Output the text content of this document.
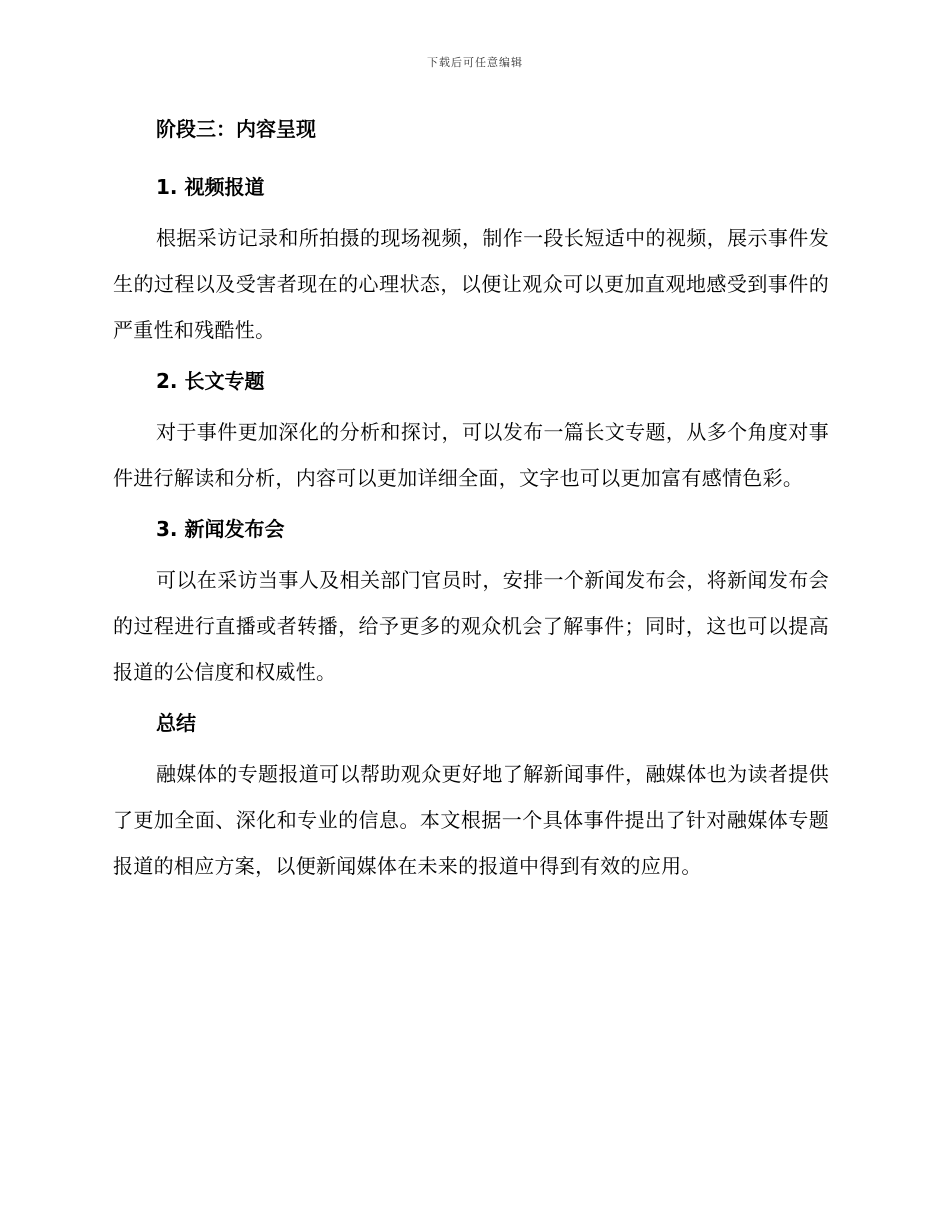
下载后可任意编辑
阶段三：内容呈现
1. 视频报道

根据采访记录和所拍摄的现场视频，制作一段长短适中的视频，展示事件发生的过程以及受害者现在的心理状态，以便让观众可以更加直观地感受到事件的严重性和残酷性。

2. 长文专题

对于事件更加深化的分析和探讨，可以发布一篇长文专题，从多个角度对事件进行解读和分析，内容可以更加详细全面，文字也可以更加富有感情色彩。

3. 新闻发布会

可以在采访当事人及相关部门官员时，安排一个新闻发布会，将新闻发布会的过程进行直播或者转播，给予更多的观众机会了解事件；同时，这也可以提高报道的公信度和权威性。

总结

融媒体的专题报道可以帮助观众更好地了解新闻事件，融媒体也为读者提供了更加全面、深化和专业的信息。本文根据一个具体事件提出了针对融媒体专题报道的相应方案，以便新闻媒体在未来的报道中得到有效的应用。
